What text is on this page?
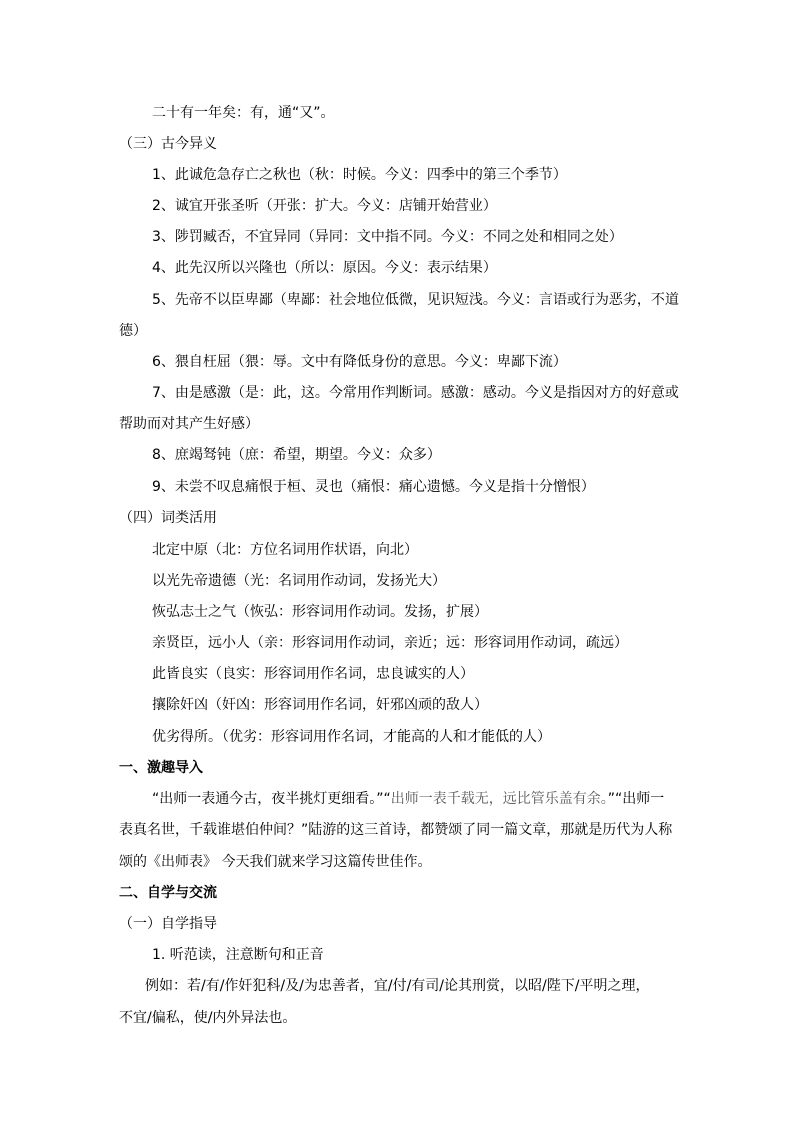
二十有一年矣：有，通“又”。
（三）古今异义
1、此诚危急存亡之秋也（秋：时候。今义：四季中的第三个季节）
2、诚宜开张圣听（开张：扩大。今义：店铺开始营业）
3、陟罚臧否，不宜异同（异同：文中指不同。今义：不同之处和相同之处）
4、此先汉所以兴隆也（所以：原因。今义：表示结果）
5、先帝不以臣卑鄙（卑鄙：社会地位低微，见识短浅。今义：言语或行为恶劣，不道
德）
6、猥自枉屈（猥：辱。文中有降低身份的意思。今义：卑鄙下流）
7、由是感激（是：此，这。今常用作判断词。感激：感动。今义是指因对方的好意或
帮助而对其产生好感）
8、庶竭驽钝（庶：希望，期望。今义：众多）
9、未尝不叹息痛恨于桓、灵也（痛恨：痛心遗憾。今义是指十分憎恨）
（四）词类活用
北定中原（北：方位名词用作状语，向北）
以光先帝遗德（光：名词用作动词，发扬光大）
恢弘志士之气（恢弘：形容词用作动词。发扬，扩展）
亲贤臣，远小人（亲：形容词用作动词，亲近；远：形容词用作动词，疏远）
此皆良实（良实：形容词用作名词，忠良诚实的人）
攘除奸凶（奸凶：形容词用作名词，奸邪凶顽的敌人）
优劣得所。（优劣：形容词用作名词，才能高的人和才能低的人）
一、激趣导入
“出师一表通今古，夜半挑灯更细看。”“出师一表千载无，远比管乐盖有余。”“出师一
表真名世，千载谁堪伯仲间？”陆游的这三首诗，都赞颂了同一篇文章，那就是历代为人称
颂的《出师表》 今天我们就来学习这篇传世佳作。
二、自学与交流
（一）自学指导
1. 听范读，注意断句和正音
例如：若/有/作奸犯科/及/为忠善者，宜/付/有司/论其刑赏，以昭/陛下/平明之理，
不宜/偏私，使/内外异法也。
